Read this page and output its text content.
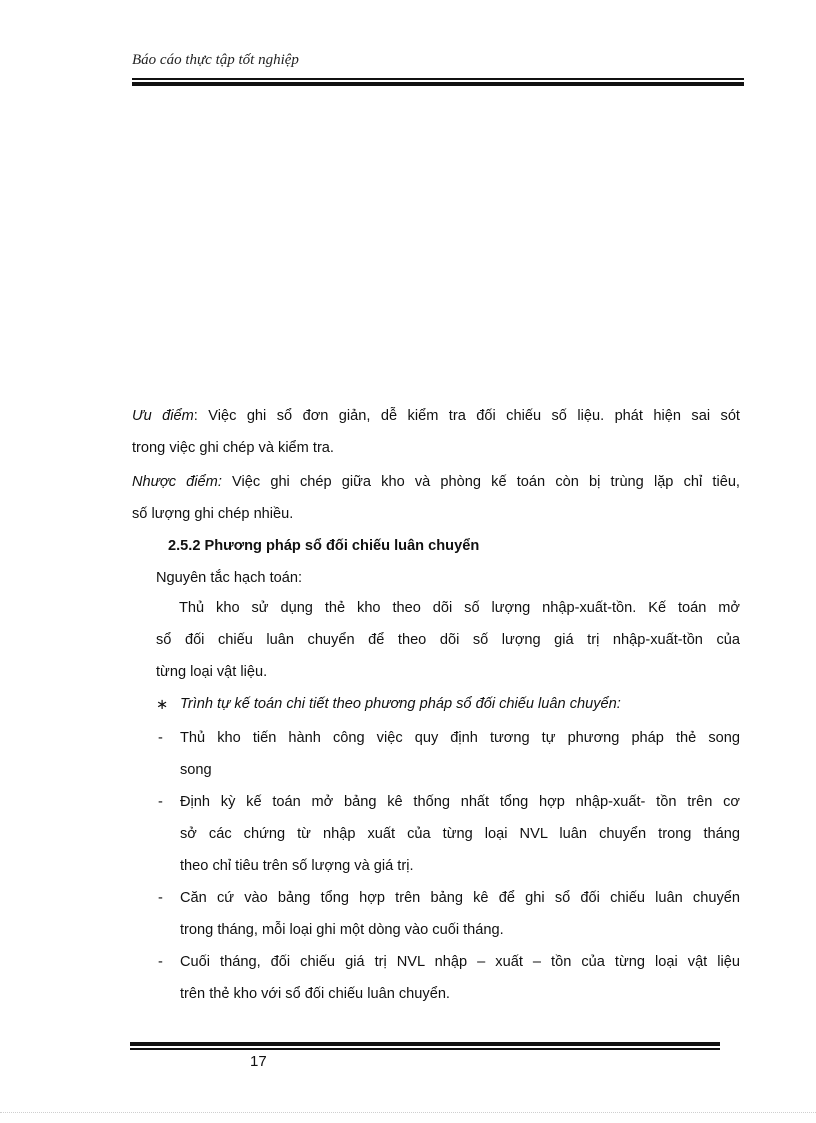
Báo cáo thực tập tốt nghiệp
Ưu điểm: Việc ghi sổ đơn giản, dễ kiểm tra đối chiếu số liệu. phát hiện sai sót
trong việc ghi chép và kiểm tra.
Nhược điểm: Việc ghi chép giữa kho và phòng kế toán còn bị trùng lặp chỉ tiêu,
số lượng ghi chép nhiều.
2.5.2 Phương pháp sổ đối chiếu luân chuyển
Nguyên tắc hạch toán:
Thủ kho sử dụng thẻ kho theo dõi số lượng nhập-xuất-tồn. Kế toán mở
sổ đối chiếu luân chuyển để theo dõi số lượng giá trị nhập-xuất-tồn của
từng loại vật liệu.
∗ Trình tự kế toán chi tiết theo phương pháp sổ đối chiếu luân chuyển:
- Thủ kho tiến hành công việc quy định tương tự phương pháp thẻ song
song
- Định kỳ kế toán mở bảng kê thống nhất tổng hợp nhập-xuất- tồn trên cơ
sở các chứng từ nhập xuất của từng loại NVL luân chuyển trong tháng
theo chỉ tiêu trên số lượng và giá trị.
- Căn cứ vào bảng tổng hợp trên bảng kê để ghi sổ đối chiếu luân chuyển
trong tháng, mỗi loại ghi một dòng vào cuối tháng.
- Cuối tháng, đối chiếu giá trị NVL nhập – xuất – tồn của từng loại vật liệu
trên thẻ kho với sổ đối chiếu luân chuyển.
17
